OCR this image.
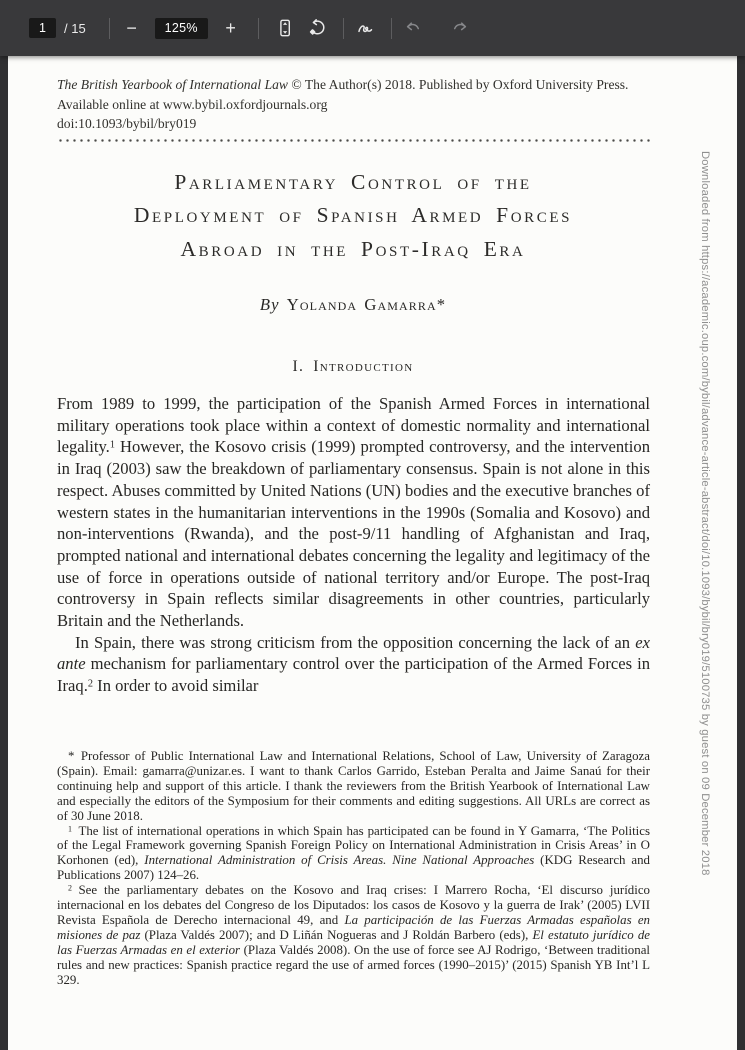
1
/ 15 −	125%	+

The British Yearbook of International Law © The Author(s) 2018. Published by Oxford University Press. Available online at www.bybil.oxfordjournals.org

doi:10.1093/bybil/bry019

Parliamentary Control of the
Deployment of Spanish Armed Forces
Abroad in the Post-Iraq Era
By Yolanda Gamarra*
I. Introduction

From 1989 to 1999, the participation of the Spanish Armed Forces in international military operations took place within a context of domestic normality and international legality.$^1$ However, the Kosovo crisis (1999) prompted controversy, and the intervention in Iraq (2003) saw the breakdown of parliamentary consensus. Spain is not alone in this respect. Abuses committed by United Nations (UN) bodies and the executive branches of western states in the humanitarian interventions in the 1990s (Somalia and Kosovo) and non-interventions (Rwanda), and the post-9/11 handling of Afghanistan and Iraq, prompted national and international debates concerning the legality and legitimacy of the use of force in operations outside of national territory and/or Europe. The post-Iraq controversy in Spain reflects similar disagreements in other countries, particularly Britain and the Netherlands.

In Spain, there was strong criticism from the opposition concerning the lack of an ex ante mechanism for parliamentary control over the participation of the Armed Forces in Iraq.$^2$ In order to avoid similar

* Professor of Public International Law and International Relations, School of Law, University of Zaragoza (Spain). Email: gamarra@unizar.es. I want to thank Carlos Garrido, Esteban Peralta and Jaime Sanaú for their continuing help and support of this article. I thank the reviewers from the British Yearbook of International Law and especially the editors of the Symposium for their comments and editing suggestions. All URLs are correct as of 30 June 2018.

$^1$ The list of international operations in which Spain has participated can be found in Y Gamarra, ‘The Politics of the Legal Framework governing Spanish Foreign Policy on International Administration in Crisis Areas’ in O Korhonen (ed), International Administration of Crisis Areas. Nine National Approaches (KDG Research and Publications 2007) 124–26.

$^2$ See the parliamentary debates on the Kosovo and Iraq crises: I Marrero Rocha, ‘El discurso jurídico internacional en los debates del Congreso de los Diputados: los casos de Kosovo y la guerra de Irak’ (2005) LVII Revista Española de Derecho internacional 49, and La participación de las Fuerzas Armadas españolas en misiones de paz (Plaza Valdés 2007); and D Liñán Nogueras and J Roldán Barbero (eds), El estatuto jurídico de las Fuerzas Armadas en el exterior (Plaza Valdés 2008). On the use of force see AJ Rodrigo, ‘Between traditional rules and new practices: Spanish practice regard the use of armed forces (1990–2015)’ (2015) Spanish YB Int’l L 329.

Downloaded from https://academic.oup.com/bybil/advance-article-abstract/doi/10.1093/bybil/bry019/5100735 by guest on 09 December 2018
